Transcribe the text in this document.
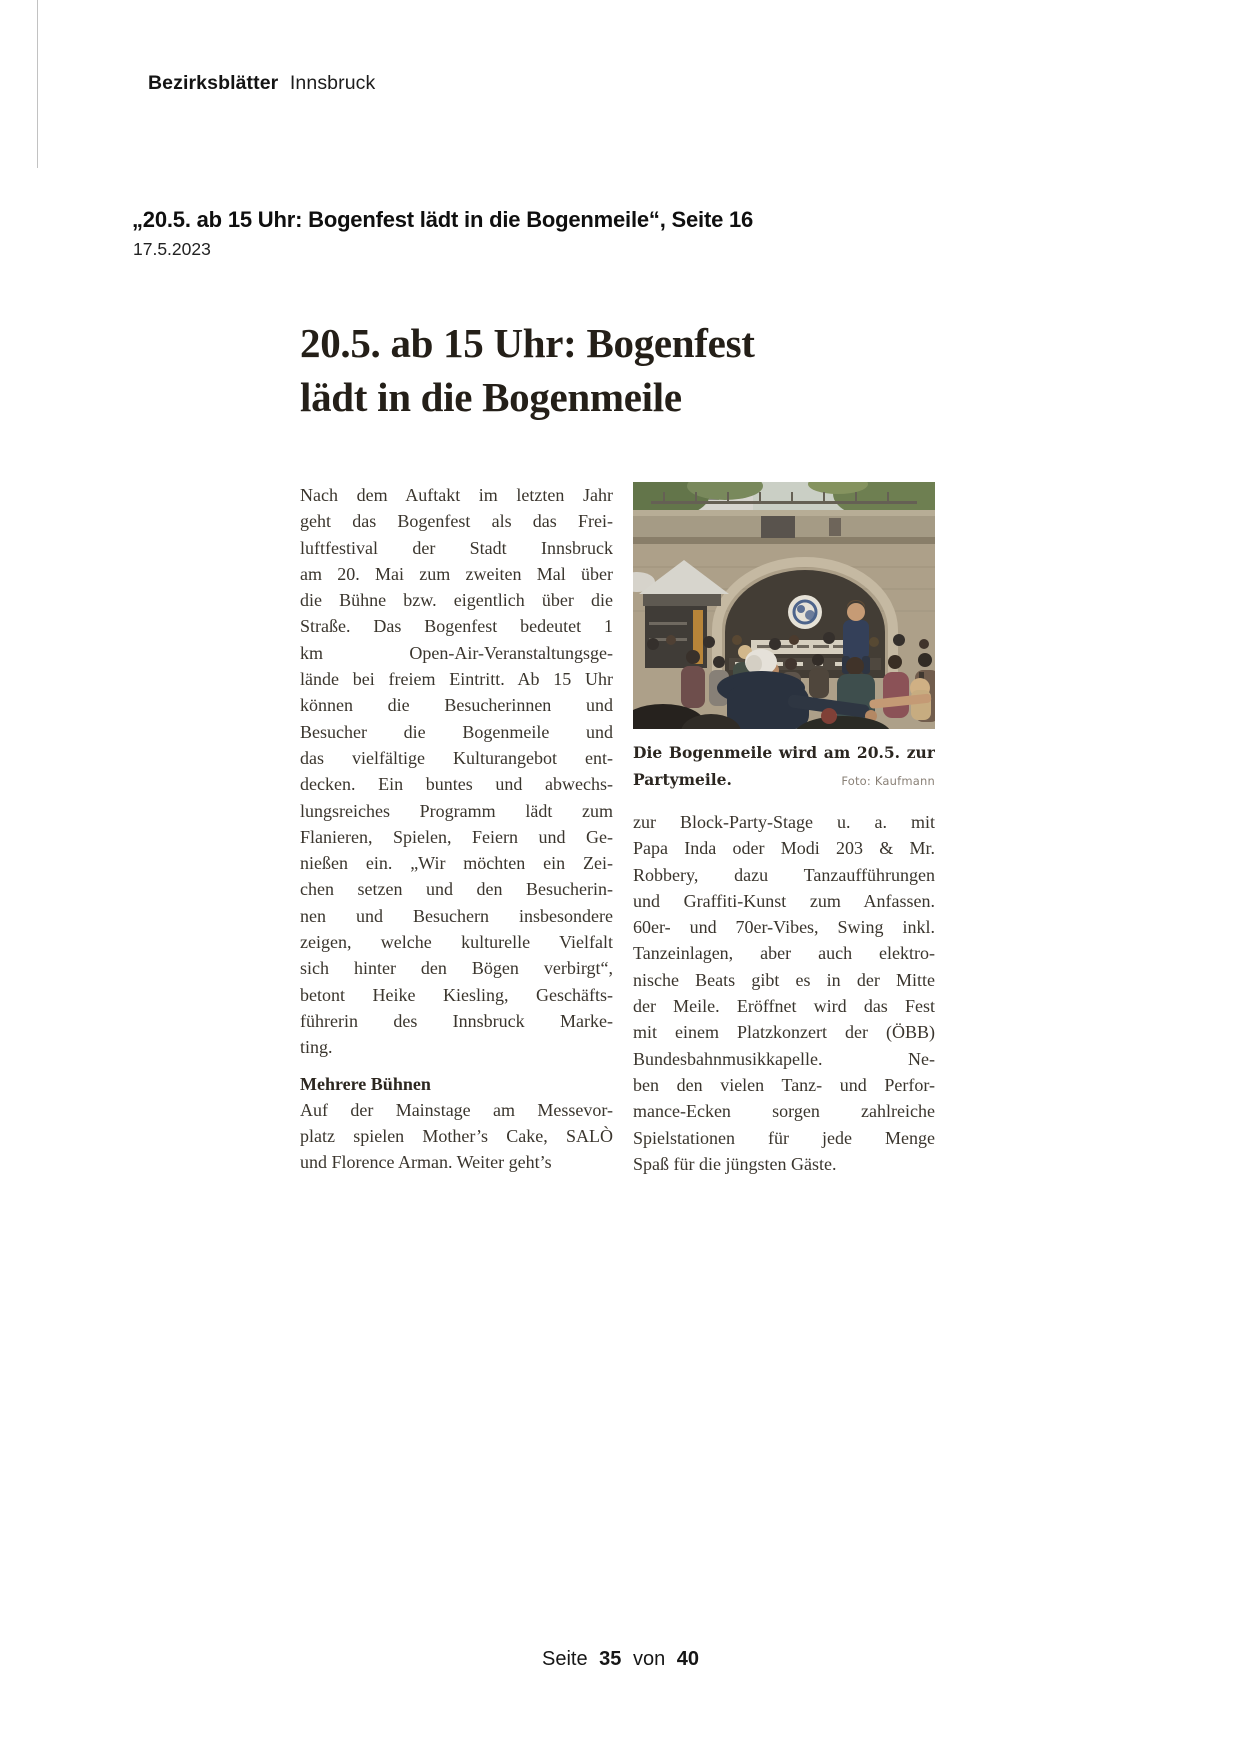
Bezirksblätter Innsbruck
„20.5. ab 15 Uhr: Bogenfest lädt in die Bogenmeile“, Seite 16
17.5.2023
20.5. ab 15 Uhr: Bogenfest
lädt in die Bogenmeile
Nach dem Auftakt im letzten Jahr
geht das Bogenfest als das Frei-
luftfestival der Stadt Innsbruck
am 20. Mai zum zweiten Mal über
die Bühne bzw. eigentlich über die
Straße. Das Bogenfest bedeutet 1
km Open-Air-Veranstaltungsge-
lände bei freiem Eintritt. Ab 15 Uhr
können die Besucherinnen und
Besucher die Bogenmeile und
das vielfältige Kulturangebot ent-
decken. Ein buntes und abwechs-
lungsreiches Programm lädt zum
Flanieren, Spielen, Feiern und Ge-
nießen ein. „Wir möchten ein Zei-
chen setzen und den Besucherin-
nen und Besuchern insbesondere
zeigen, welche kulturelle Vielfalt
sich hinter den Bögen verbirgt“,
betont Heike Kiesling, Geschäfts-
führerin des Innsbruck Marke-
ting.
Mehrere Bühnen
Auf der Mainstage am Messevor-
platz spielen Mother’s Cake, SALÒ
und Florence Arman. Weiter geht’s
Die Bogenmeile wird am 20.5. zur
Partymeile.	Foto: Kaufmann
zur Block-Party-Stage u. a. mit
Papa Inda oder Modi 203 & Mr.
Robbery, dazu Tanzaufführungen
und Graffiti-Kunst zum Anfassen.
60er- und 70er-Vibes, Swing inkl.
Tanzeinlagen, aber auch elektro-
nische Beats gibt es in der Mitte
der Meile. Eröffnet wird das Fest
mit einem Platzkonzert der (ÖBB)
Bundesbahnmusikkapelle. Ne-
ben den vielen Tanz- und Perfor-
mance-Ecken sorgen zahlreiche
Spielstationen für jede Menge
Spaß für die jüngsten Gäste.
Seite 35 von 40
